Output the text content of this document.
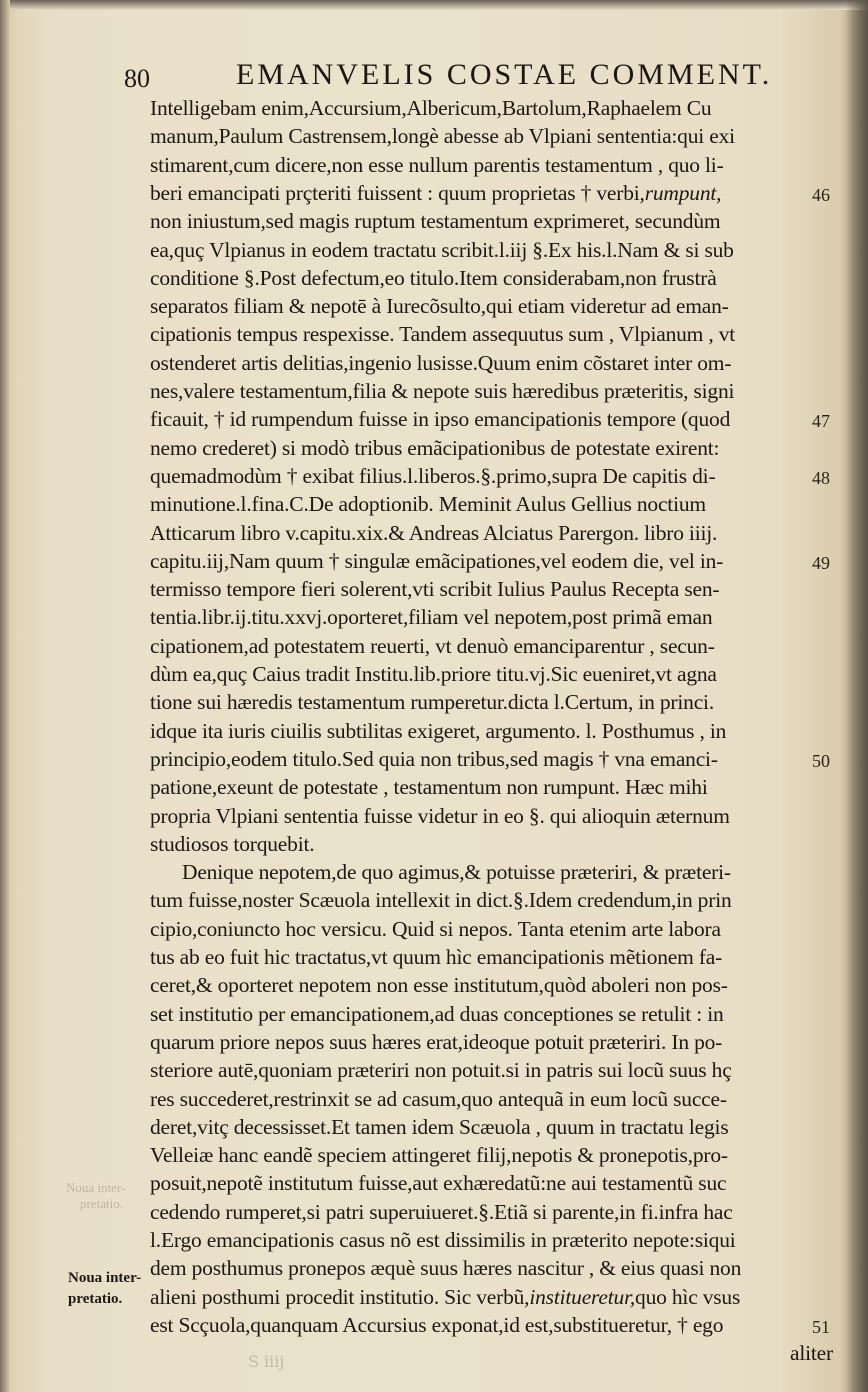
80	EMANVELIS COSTAE COMMENT.
Noua inter-
pretatio.
Noua inter-
pretatio.
Intelligebam enim,Accursium,Albericum,Bartolum,Raphaelem Cu
manum,Paulum Castrensem,longè abesse ab Vlpiani sententia:qui exi
stimarent,cum dicere,non esse nullum parentis testamentum , quo li-
beri emancipati prçteriti fuissent : quum proprietas † verbi,rumpunt,
non iniustum,sed magis ruptum testamentum exprimeret, secundùm
ea,quç Vlpianus in eodem tractatu scribit.l.iij §.Ex his.l.Nam & si sub
conditione §.Post defectum,eo titulo.Item considerabam,non frustrà
separatos filiam & nepotē à Iurecõsulto,qui etiam videretur ad eman-
cipationis tempus respexisse. Tandem assequutus sum , Vlpianum , vt
ostenderet artis delitias,ingenio lusisse.Quum enim cõstaret inter om-
nes,valere testamentum,filia & nepote suis hæredibus præteritis, signi
ficauit, † id rumpendum fuisse in ipso emancipationis tempore (quod
nemo crederet) si modò tribus emãcipationibus de potestate exirent:
quemadmodùm † exibat filius.l.liberos.§.primo,supra De capitis di-
minutione.l.fina.C.De adoptionib. Meminit Aulus Gellius noctium
Atticarum libro v.capitu.xix.& Andreas Alciatus Parergon. libro iiij.
capitu.iij,Nam quum † singulæ emãcipationes,vel eodem die, vel in-
termisso tempore fieri solerent,vti scribit Iulius Paulus Recepta sen-
tentia.libr.ij.titu.xxvj.oporteret,filiam vel nepotem,post primã eman
cipationem,ad potestatem reuerti, vt denuò emanciparentur , secun-
dùm ea,quç Caius tradit Institu.lib.priore titu.vj.Sic eueniret,vt agna
tione sui hæredis testamentum rumperetur.dicta l.Certum, in princi.
idque ita iuris ciuilis subtilitas exigeret, argumento. l. Posthumus , in
principio,eodem titulo.Sed quia non tribus,sed magis † vna emanci-
patione,exeunt de potestate , testamentum non rumpunt. Hæc mihi
propria Vlpiani sententia fuisse videtur in eo §. qui alioquin æternum
studiosos torquebit.
Denique nepotem,de quo agimus,& potuisse præteriri, & præteri-
tum fuisse,noster Scæuola intellexit in dict.§.Idem credendum,in prin
cipio,coniuncto hoc versicu. Quid si nepos. Tanta etenim arte labora
tus ab eo fuit hic tractatus,vt quum hìc emancipationis mẽtionem fa-
ceret,& oporteret nepotem non esse institutum,quòd aboleri non pos-
set institutio per emancipationem,ad duas conceptiones se retulit : in
quarum priore nepos suus hæres erat,ideoque potuit præteriri. In po-
steriore autē,quoniam præteriri non potuit.si in patris sui locũ suus hç
res succederet,restrinxit se ad casum,quo antequã in eum locũ succe-
deret,vitç decessisset.Et tamen idem Scæuola , quum in tractatu legis
Velleiæ hanc eandẽ speciem attingeret filij,nepotis & pronepotis,pro-
posuit,nepotẽ institutum fuisse,aut exhæredatũ:ne aui testamentũ suc
cedendo rumperet,si patri superuiueret.§.Etiã si parente,in fi.infra hac
l.Ergo emancipationis casus nõ est dissimilis in præterito nepote:siqui
dem posthumus pronepos æquè suus hæres nascitur , & eius quasi non
alieni posthumi procedit institutio. Sic verbũ,institueretur,quo hìc vsus
est Scçuola,quanquam Accursius exponat,id est,substitueretur, † ego
aliter
S iiij
46
47
48
49
50
51
